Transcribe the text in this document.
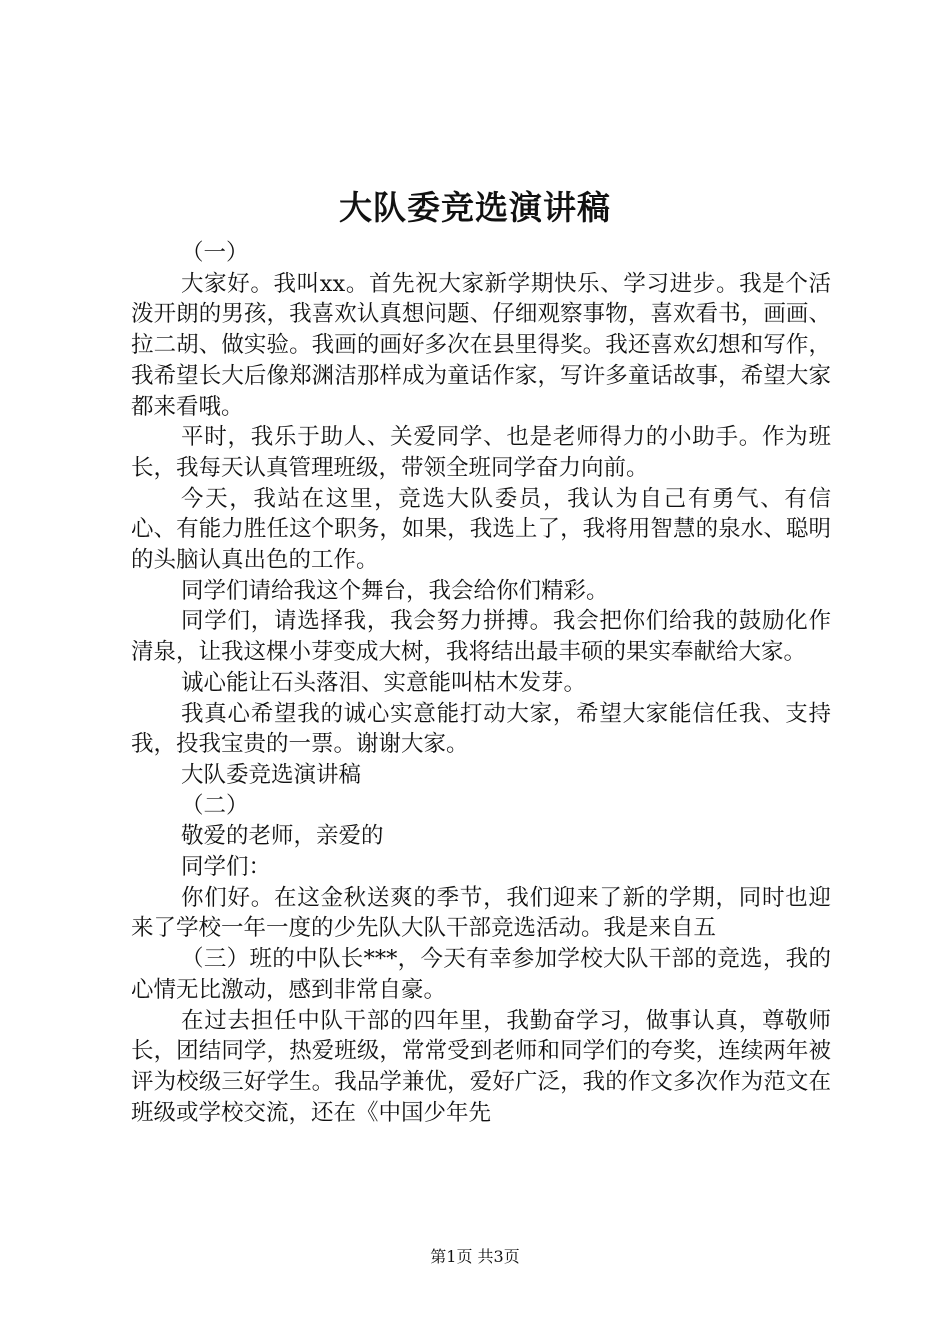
大队委竞选演讲稿

（一）

大家好。我叫xx。首先祝大家新学期快乐、学习进步。我是个活泼开朗的男孩，我喜欢认真想问题、仔细观察事物，喜欢看书，画画、拉二胡、做实验。我画的画好多次在县里得奖。我还喜欢幻想和写作，我希望长大后像郑渊洁那样成为童话作家，写许多童话故事，希望大家都来看哦。

平时，我乐于助人、关爱同学、也是老师得力的小助手。作为班长，我每天认真管理班级，带领全班同学奋力向前。

今天，我站在这里，竞选大队委员，我认为自己有勇气、有信心、有能力胜任这个职务，如果，我选上了，我将用智慧的泉水、聪明的头脑认真出色的工作。

同学们请给我这个舞台，我会给你们精彩。

同学们，请选择我，我会努力拼搏。我会把你们给我的鼓励化作清泉，让我这棵小芽变成大树，我将结出最丰硕的果实奉献给大家。

诚心能让石头落泪、实意能叫枯木发芽。

我真心希望我的诚心实意能打动大家，希望大家能信任我、支持我，投我宝贵的一票。谢谢大家。

大队委竞选演讲稿

（二）

敬爱的老师，亲爱的

同学们：

你们好。在这金秋送爽的季节，我们迎来了新的学期，同时也迎来了学校一年一度的少先队大队干部竞选活动。我是来自五

（三）班的中队长***，今天有幸参加学校大队干部的竞选，我的心情无比激动，感到非常自豪。

在过去担任中队干部的四年里，我勤奋学习，做事认真，尊敬师长，团结同学，热爱班级，常常受到老师和同学们的夸奖，连续两年被评为校级三好学生。我品学兼优，爱好广泛，我的作文多次作为范文在班级或学校交流，还在《中国少年先

第1页 共3页
